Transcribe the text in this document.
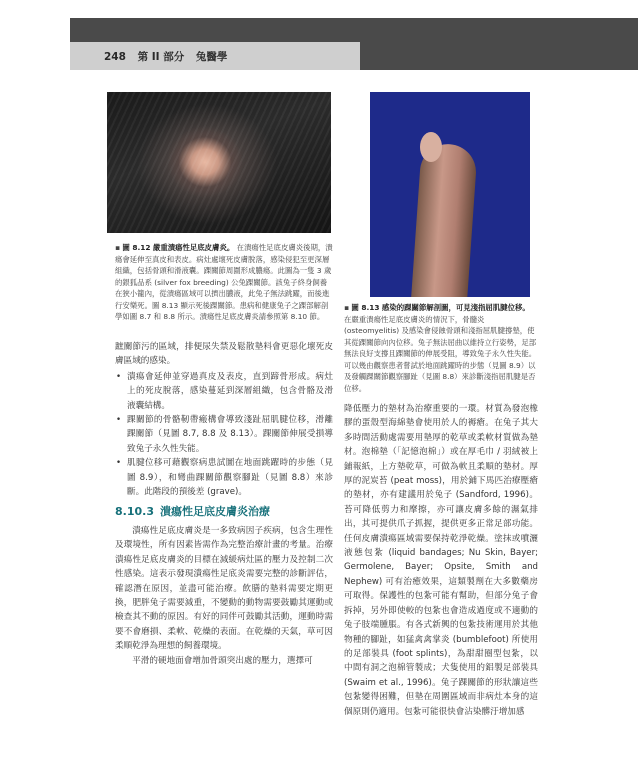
248 第 II 部分 兔醫學
▪ 圖 8.12 嚴重潰瘍性足底皮膚炎。 在潰瘍性足底皮膚炎後期，潰瘍會延伸至真皮和表皮。病灶處壞死皮膚脫落，感染侵犯至更深層組織，包括骨頭和滑液囊。踝關節周圍形成膿瘍。此圖為一隻 3 歲的銀狐品系 (silver fox breeding) 公兔踝關節。該兔子終身飼養在狹小籠內，從潰瘍區域可以擠出膿液，此兔子無法跳躍，而後進行安樂死。圖 8.13 顯示死後踝關節。患病和健康兔子之踝部解剖學如圖 8.7 和 8.8 所示。潰瘍性足底皮膚炎請參照第 8.10 節。
▪ 圖 8.13 感染的踝關節解剖圖，可見淺指屈肌腱位移。 在嚴重潰瘍性足底皮膚炎的情況下，骨髓炎 (osteomyelitis) 及感染會侵蝕骨頭和淺指屈肌腱撐墊，使其從踝關節向內位移。兔子無法屈曲以維持立行姿勢，足部無法良好支撐且踝關節的伸展受阻，導致兔子永久性失能。可以幾由觀察患者嘗試於地面跳躍時的步態（見圖 8.9）以及發觸踝關節觀察腳趾（見圖 8.8）來診斷淺指屈肌腱是否位移。

蹠關節污的區域，排便尿失禁及鬆散墊料會更惡化壞死皮膚區域的感染。

• 潰瘍會延伸並穿過真皮及表皮，直到蹄骨形成。病灶上的死皮脫落，感染蔓延到深層組織，包含骨骼及滑液囊結構。
• 踝關節的骨骼靭帶瘢構會導致淺趾屈肌腱位移，滑離踝關節（見圖 8.7, 8.8 及 8.13）。踝關節伸展受損導致兔子永久性失能。
• 肌腱位移可藉觀察病患試圖在地面跳躍時的步態（見圖 8.9），和彎曲踝關節觀察腳趾（見圖 8.8）來診斷。此階段的預後差 (grave)。
8.10.3 潰瘍性足底皮膚炎治療

潰瘍性足底皮膚炎是一多致病因子疾病，包含生理性及環境性，所有因素皆需作為完整治療計畫的考量。治療潰瘍性足底皮膚炎的目標在減緩病灶區的壓力及控制二次性感染。這表示發現潰瘍性足底炎需要完整的診斷評估，確認潛在原因，並盡可能治療。飲膳的墊料需要定期更換，肥胖兔子需要減重，不變動的動物需要鼓勵其運動或檢查其不動的原因。有好的同伴可鼓勵其活動，運動時需要不會磨損、柔軟、乾燥的表面。在乾燥的天氣，草可因柔順乾淨為理想的飼養環境。

平滑的硬地面會增加骨頭突出處的壓力，選擇可

降低壓力的墊材為治療重要的一環。材質為發泡橡膠的蛋殼型海綿墊會使用於人的褥瘡。在兔子其大多時間活動處需要用墊厚的乾草或柔軟材質做為墊材。泡棉墊（「記憶泡棉」）或在厚毛巾 / 羽絨被上鋪報紙，上方墊乾草，可做為軟且柔順的墊材。厚厚的泥炭苔 (peat moss)，用於鋪下馬匹治療壓瘡的墊材，亦有建議用於兔子 (Sandford, 1996)。苔可降低剪力和摩擦，亦可讓皮膚多餘的濕氣排出，其可提供爪子抓握，提供更多正常足部功能。任何皮膚潰瘍區域需要保持乾淨乾燥。塗抹或噴灑液態包紮 (liquid bandages; Nu Skin, Bayer; Germolene, Bayer; Opsite, Smith and Nephew) 可有治癒效果，這類製劑在大多數藥房可取得。保護性的包紮可能有幫助，但部分兔子會拆掉，另外即使較的包紮也會造成過度或不適動的兔子肢端腫脹。有各式新興的包紮技術運用於其他物種的腳趾，如猛禽禽掌炎 (bumblefoot) 所使用的足部裝具 (foot splints)，為甜甜圈型包紮，以中間有洞之泡棉管製成；犬隻使用的鋁製足部裝具 (Swaim et al., 1996)。兔子踝關節的形狀讓這些包紮變得困難，但墊在周圍區域而非病灶本身的這個原則仍適用。包紮可能很快會沾染髒汙增加感
